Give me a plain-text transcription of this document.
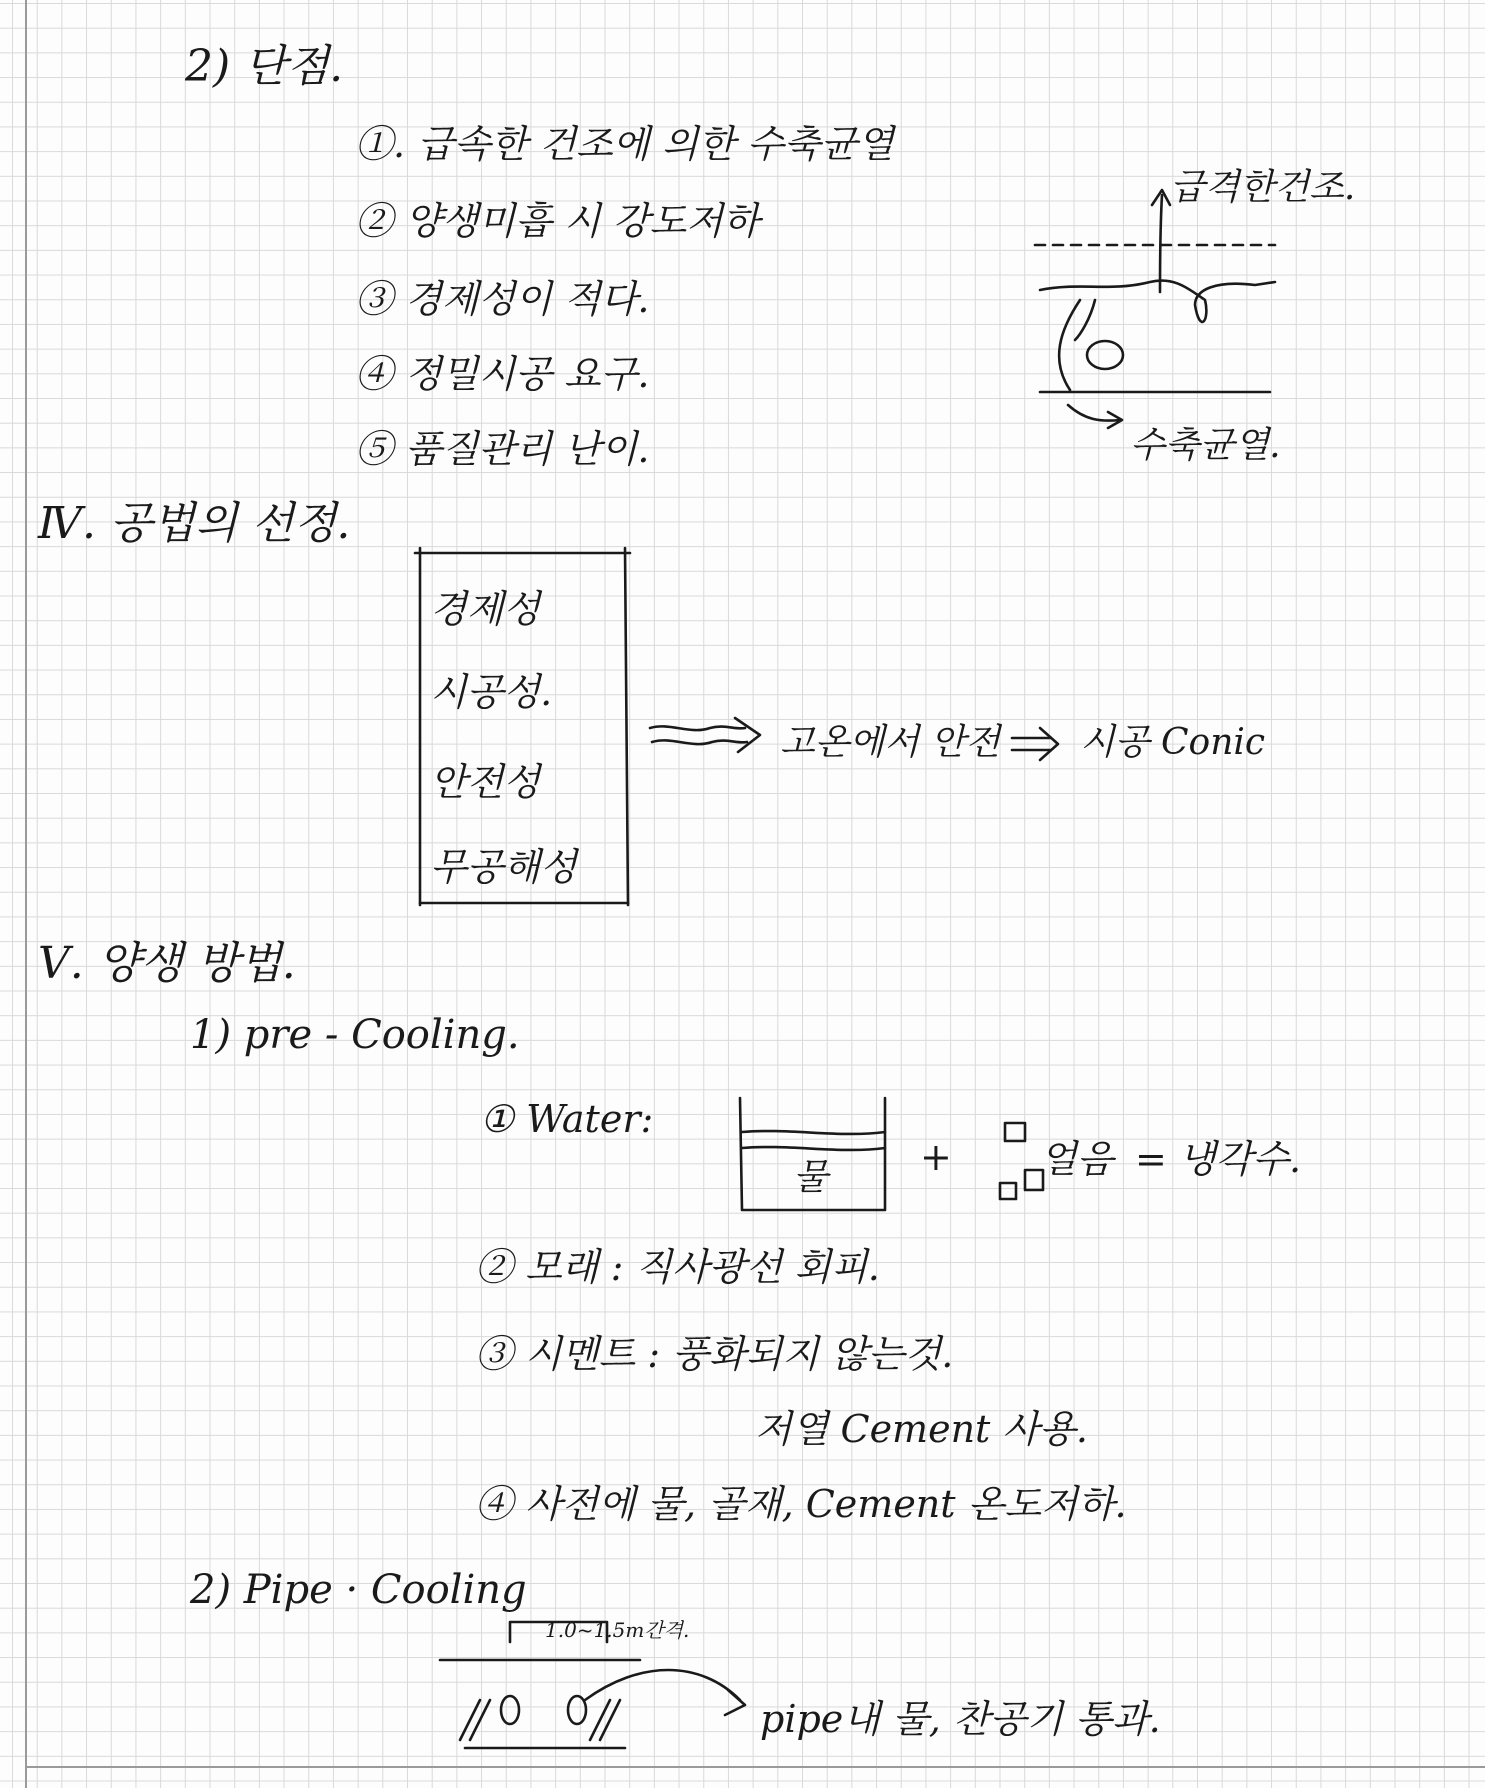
2) 단점.
①. 급속한 건조에 의한 수축균열
② 양생미흡 시 강도저하
③ 경제성이 적다.
④ 정밀시공 요구.
⑤ 품질관리 난이.
급격한건조.
수축균열.
Ⅳ. 공법의 선정.
경제성
시공성.
안전성
무공해성
고온에서 안전 시공 Conic
Ⅴ. 양생 방법.
1) pre - Cooling.
① Water:
물 + 얼음 = 냉각수.
② 모래 : 직사광선 회피.
③ 시멘트 : 풍화되지 않는것.
저열 Cement 사용.
④ 사전에 물, 골재, Cement 온도저하.
2) Pipe · Cooling
1.0~1.5m간격.
pipe내 물, 찬공기 통과.
